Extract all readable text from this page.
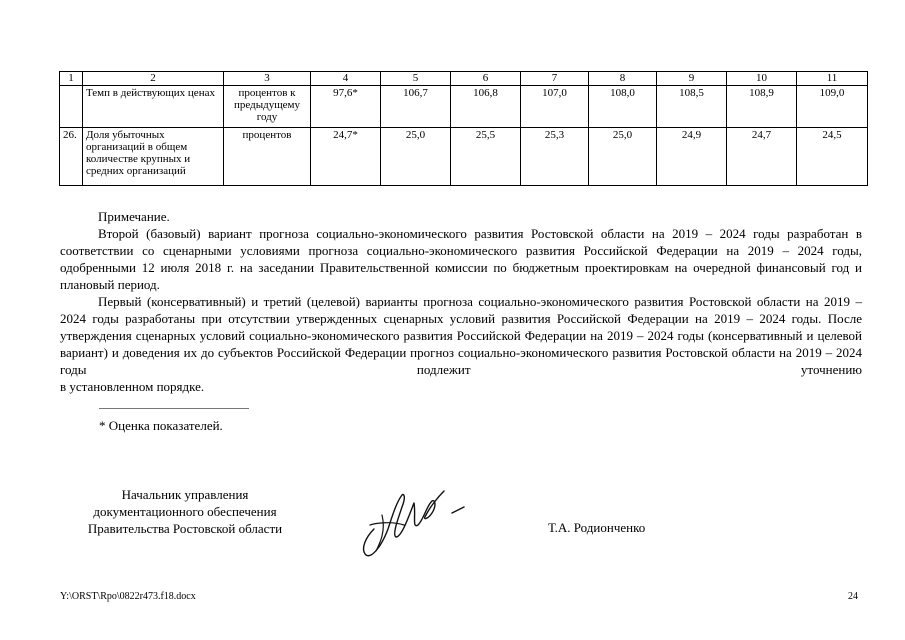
1	2	3	4	5	6	7	8	9	10	11
	Темп в действующих ценах	процентов к предыдущему году	97,6*	106,7	106,8	107,0	108,0	108,5	108,9	109,0
26.	Доля убыточных организаций в общем количестве крупных и средних организаций	процентов	24,7*	25,0	25,5	25,3	25,0	24,9	24,7	24,5

Примечание.

Второй (базовый) вариант прогноза социально-экономического развития Ростовской области на 2019 – 2024 годы разработан в соответствии со сценарными условиями прогноза социально-экономического развития Российской Федерации на 2019 – 2024 годы, одобренными 12 июля 2018 г. на заседании Правительственной комиссии по бюджетным проектировкам на очередной финансовый год и плановый период.

Первый (консервативный) и третий (целевой) варианты прогноза социально-экономического развития Ростовской области на 2019 – 2024 годы разработаны при отсутствии утвержденных сценарных условий развития Российской Федерации на 2019 – 2024 годы. После утверждения сценарных условий социально-экономического развития Российской Федерации на 2019 – 2024 годы (консервативный и целевой вариант) и доведения их до субъектов Российской Федерации прогноз социально-экономического развития Ростовской области на 2019 – 2024 годы подлежит уточнению

в установленном порядке.
* Оценка показателей.
Начальник управления
документационного обеспечения
Правительства Ростовской области	Т.А. Родионченко
Y:\ORST\Rpo\0822r473.f18.docx	24
